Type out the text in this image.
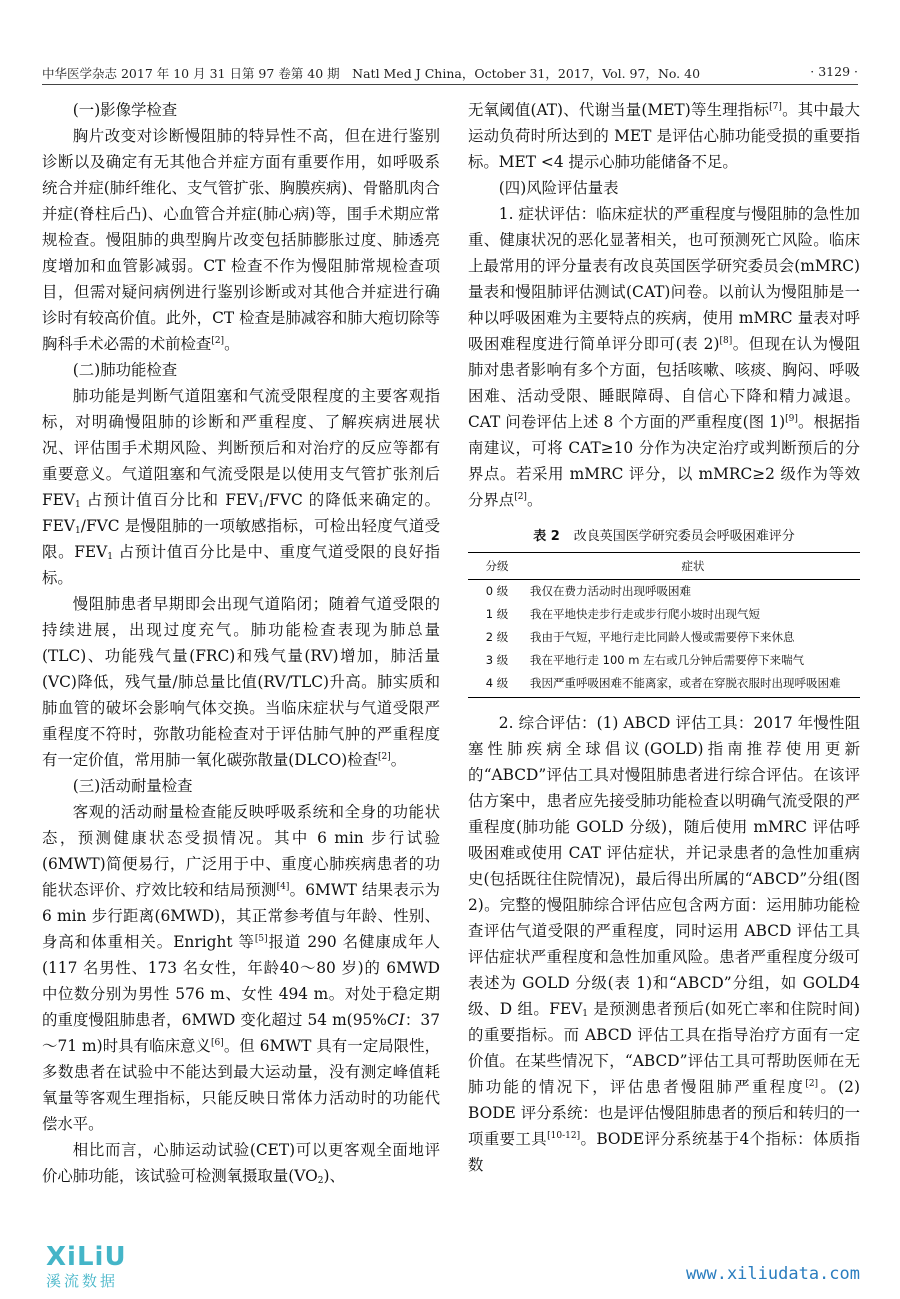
中华医学杂志 2017 年 10 月 31 日第 97 卷第 40 期　Natl Med J China，October 31，2017，Vol. 97，No. 40	· 3129 ·

(一)影像学检查

胸片改变对诊断慢阻肺的特异性不高，但在进行鉴别诊断以及确定有无其他合并症方面有重要作用，如呼吸系统合并症(肺纤维化、支气管扩张、胸膜疾病)、骨骼肌肉合并症(脊柱后凸)、心血管合并症(肺心病)等，围手术期应常规检查。慢阻肺的典型胸片改变包括肺膨胀过度、肺透亮度增加和血管影减弱。CT 检查不作为慢阻肺常规检查项目，但需对疑问病例进行鉴别诊断或对其他合并症进行确诊时有较高价值。此外，CT 检查是肺减容和肺大疱切除等胸科手术必需的术前检查[2]。

(二)肺功能检查

肺功能是判断气道阻塞和气流受限程度的主要客观指标，对明确慢阻肺的诊断和严重程度、了解疾病进展状况、评估围手术期风险、判断预后和对治疗的反应等都有重要意义。气道阻塞和气流受限是以使用支气管扩张剂后 $FEV_1$ 占预计值百分比和 $FEV_1$/FVC 的降低来确定的。$FEV_1$/FVC 是慢阻肺的一项敏感指标，可检出轻度气道受限。$FEV_1$ 占预计值百分比是中、重度气道受限的良好指标。

慢阻肺患者早期即会出现气道陷闭；随着气道受限的持续进展，出现过度充气。肺功能检查表现为肺总量(TLC)、功能残气量(FRC)和残气量(RV)增加，肺活量(VC)降低，残气量/肺总量比值(RV/TLC)升高。肺实质和肺血管的破坏会影响气体交换。当临床症状与气道受限严重程度不符时，弥散功能检查对于评估肺气肿的严重程度有一定价值，常用肺一氧化碳弥散量(DLCO)检查[2]。

(三)活动耐量检查

客观的活动耐量检查能反映呼吸系统和全身的功能状态，预测健康状态受损情况。其中 6 min 步行试验(6MWT)简便易行，广泛用于中、重度心肺疾病患者的功能状态评价、疗效比较和结局预测[4]。6MWT 结果表示为 6 min 步行距离(6MWD)，其正常参考值与年龄、性别、身高和体重相关。Enright 等[5]报道 290 名健康成年人(117 名男性、173 名女性，年龄40～80 岁)的 6MWD 中位数分别为男性 576 m、女性 494 m。对处于稳定期的重度慢阻肺患者，6MWD 变化超过 54 m(95%CI：37～71 m)时具有临床意义[6]。但 6MWT 具有一定局限性，多数患者在试验中不能达到最大运动量，没有测定峰值耗氧量等客观生理指标，只能反映日常体力活动时的功能代偿水平。

相比而言，心肺运动试验(CET)可以更客观全面地评价心肺功能，该试验可检测氧摄取量$(VO_2)$、

无氧阈值(AT)、代谢当量(MET)等生理指标[7]。其中最大运动负荷时所达到的 MET 是评估心肺功能受损的重要指标。MET <4 提示心肺功能储备不足。

(四)风险评估量表

1. 症状评估：临床症状的严重程度与慢阻肺的急性加重、健康状况的恶化显著相关，也可预测死亡风险。临床上最常用的评分量表有改良英国医学研究委员会(mMRC)量表和慢阻肺评估测试(CAT)问卷。以前认为慢阻肺是一种以呼吸困难为主要特点的疾病，使用 mMRC 量表对呼吸困难程度进行简单评分即可(表 2)[8]。但现在认为慢阻肺对患者影响有多个方面，包括咳嗽、咳痰、胸闷、呼吸困难、活动受限、睡眠障碍、自信心下降和精力减退。CAT 问卷评估上述 8 个方面的严重程度(图 1)[9]。根据指南建议，可将 CAT≥10 分作为决定治疗或判断预后的分界点。若采用 mMRC 评分，以 mMRC≥2 级作为等效分界点[2]。

表 2 改良英国医学研究委员会呼吸困难评分
分级	症状
0 级	我仅在费力活动时出现呼吸困难
1 级	我在平地快走步行走或步行爬小坡时出现气短
2 级	我由于气短，平地行走比同龄人慢或需要停下来休息
3 级	我在平地行走 100 m 左右或几分钟后需要停下来喘气
4 级	我因严重呼吸困难不能离家，或者在穿脱衣服时出现呼吸困难

2. 综合评估：(1) ABCD 评估工具：2017 年慢性阻塞性肺疾病全球倡议(GOLD)指南推荐使用更新的“ABCD”评估工具对慢阻肺患者进行综合评估。在该评估方案中，患者应先接受肺功能检查以明确气流受限的严重程度(肺功能 GOLD 分级)，随后使用 mMRC 评估呼吸困难或使用 CAT 评估症状，并记录患者的急性加重病史(包括既往住院情况)，最后得出所属的“ABCD”分组(图 2)。完整的慢阻肺综合评估应包含两方面：运用肺功能检查评估气道受限的严重程度，同时运用 ABCD 评估工具评估症状严重程度和急性加重风险。患者严重程度分级可表述为 GOLD 分级(表 1)和“ABCD”分组，如 GOLD4 级、D 组。$FEV_1$ 是预测患者预后(如死亡率和住院时间)的重要指标。而 ABCD 评估工具在指导治疗方面有一定价值。在某些情况下，“ABCD”评估工具可帮助医师在无肺功能的情况下，评估患者慢阻肺严重程度[2]。(2) BODE 评分系统：也是评估慢阻肺患者的预后和转归的一项重要工具[10-12]。BODE评分系统基于4个指标：体质指数

XiLiU
溪流数据	www.xiliudata.com
